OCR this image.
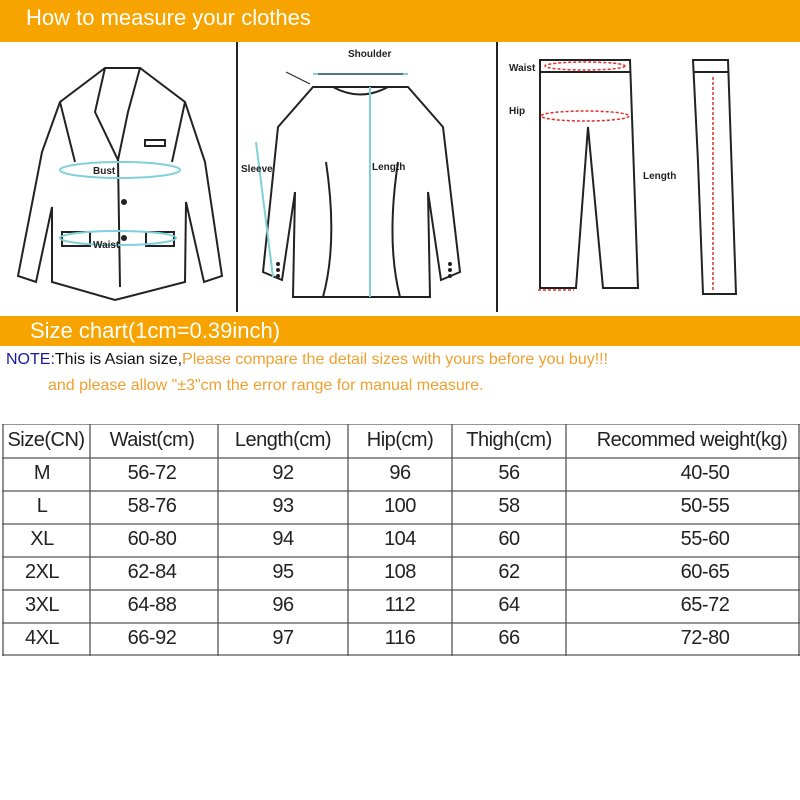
How to measure your clothes
Bust
Waist
Shoulder
Sleeve	Length
Waist
Hip
Length
Size chart(1cm=0.39inch)
NOTE:This is Asian size,Please compare the detail sizes with yours before you buy!!!
and please allow "±3"cm the error range for manual measure.
Size(CN) Waist(cm) Length(cm) Hip(cm) Thigh(cm) Recommed weight(kg)
M	56-72	92	96	56	40-50
L	58-76	93	100	58	50-55
XL	60-80	94	104	60	55-60
2XL	62-84	95	108	62	60-65
3XL	64-88	96	112	64	65-72
4XL	66-92	97	116	66	72-80
